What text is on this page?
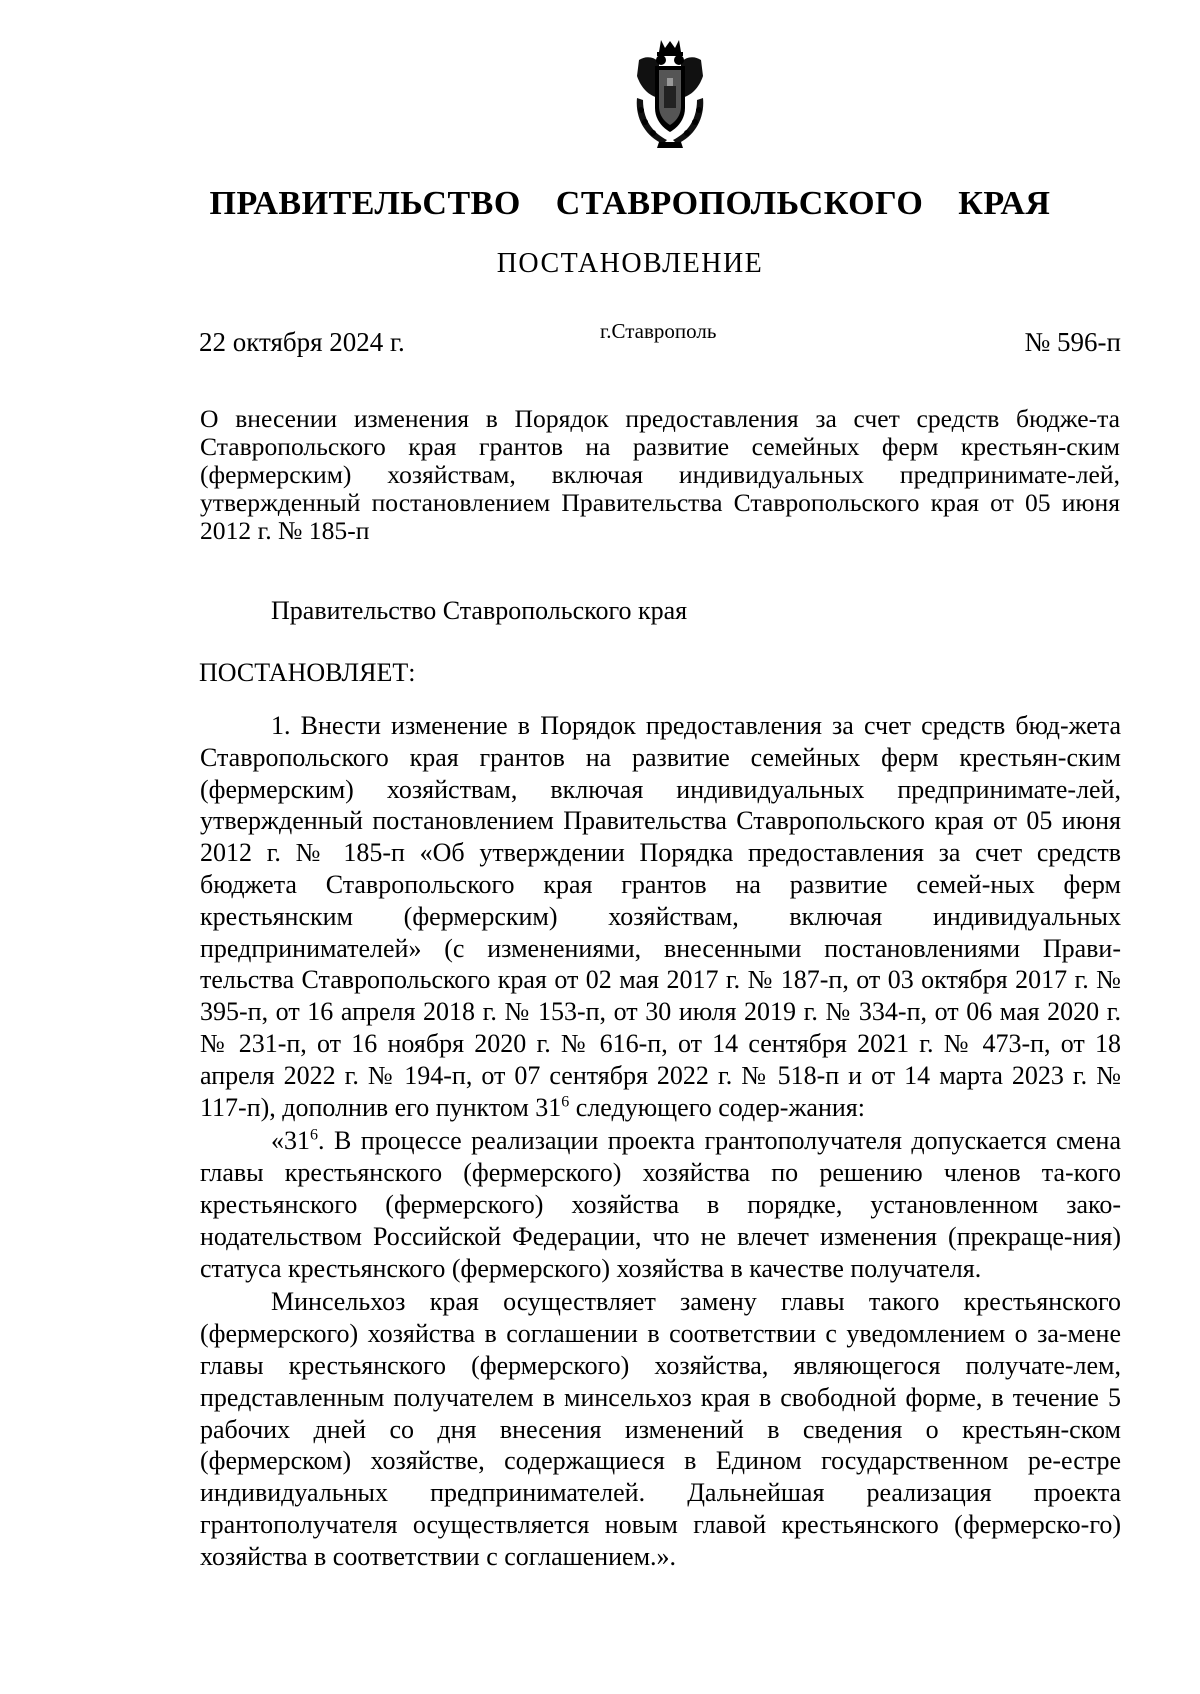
ПРАВИТЕЛЬСТВО СТАВРОПОЛЬСКОГО КРАЯ
ПОСТАНОВЛЕНИЕ
22 октября 2024 г.	г.Ставрополь	№ 596-п
О внесении изменения в Порядок предоставления за счет средств бюдже-та Ставропольского края грантов на развитие семейных ферм крестьян-ским (фермерским) хозяйствам, включая индивидуальных предпринимате-лей, утвержденный постановлением Правительства Ставропольского края от 05 июня 2012 г. № 185-п
Правительство Ставропольского края
ПОСТАНОВЛЯЕТ:

1. Внести изменение в Порядок предоставления за счет средств бюд-жета Ставропольского края грантов на развитие семейных ферм крестьян-ским (фермерским) хозяйствам, включая индивидуальных предпринимате-лей, утвержденный постановлением Правительства Ставропольского края от 05 июня 2012 г. № 185-п «Об утверждении Порядка предоставления за счет средств бюджета Ставропольского края грантов на развитие семей-ных ферм крестьянским (фермерским) хозяйствам, включая индивидуальных предпринимателей» (с изменениями, внесенными постановлениями Прави-тельства Ставропольского края от 02 мая 2017 г. № 187-п, от 03 октября 2017 г. № 395-п, от 16 апреля 2018 г. № 153-п, от 30 июля 2019 г. № 334-п, от 06 мая 2020 г. № 231-п, от 16 ноября 2020 г. № 616-п, от 14 сентября 2021 г. № 473-п, от 18 апреля 2022 г. № 194-п, от 07 сентября 2022 г. № 518-п и от 14 марта 2023 г. № 117-п), дополнив его пунктом $31^6$ следующего содер-жания:

«$31^6$. В процессе реализации проекта грантополучателя допускается смена главы крестьянского (фермерского) хозяйства по решению членов та-кого крестьянского (фермерского) хозяйства в порядке, установленном зако-нодательством Российской Федерации, что не влечет изменения (прекраще-ния) статуса крестьянского (фермерского) хозяйства в качестве получателя.

Минсельхоз края осуществляет замену главы такого крестьянского (фермерского) хозяйства в соглашении в соответствии с уведомлением о за-мене главы крестьянского (фермерского) хозяйства, являющегося получате-лем, представленным получателем в минсельхоз края в свободной форме, в течение 5 рабочих дней со дня внесения изменений в сведения о крестьян-ском (фермерском) хозяйстве, содержащиеся в Едином государственном ре-естре индивидуальных предпринимателей. Дальнейшая реализация проекта грантополучателя осуществляется новым главой крестьянского (фермерско-го) хозяйства в соответствии с соглашением.».
